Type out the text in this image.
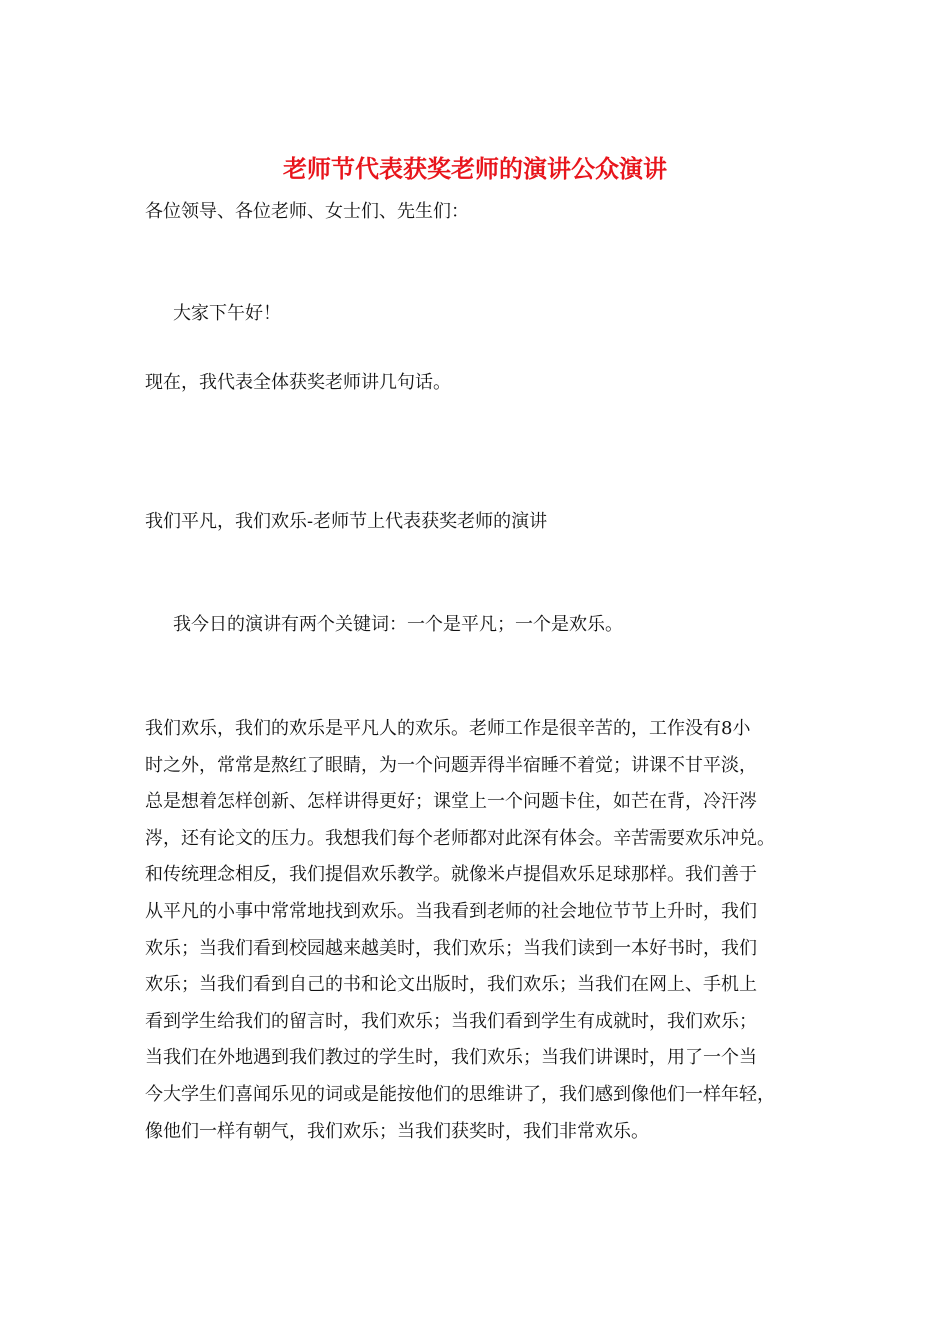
老师节代表获奖老师的演讲公众演讲

各位领导、各位老师、女士们、先生们：

大家下午好！

现在，我代表全体获奖老师讲几句话。

我们平凡，我们欢乐-老师节上代表获奖老师的演讲

我今日的演讲有两个关键词：一个是平凡；一个是欢乐。

我们欢乐，我们的欢乐是平凡人的欢乐。老师工作是很辛苦的，工作没有8小
时之外，常常是熬红了眼睛，为一个问题弄得半宿睡不着觉；讲课不甘平淡，
总是想着怎样创新、怎样讲得更好；课堂上一个问题卡住，如芒在背，冷汗涔
涔，还有论文的压力。我想我们每个老师都对此深有体会。辛苦需要欢乐冲兑。
和传统理念相反，我们提倡欢乐教学。就像米卢提倡欢乐足球那样。我们善于
从平凡的小事中常常地找到欢乐。当我看到老师的社会地位节节上升时，我们
欢乐；当我们看到校园越来越美时，我们欢乐；当我们读到一本好书时，我们
欢乐；当我们看到自己的书和论文出版时，我们欢乐；当我们在网上、手机上
看到学生给我们的留言时，我们欢乐；当我们看到学生有成就时，我们欢乐；
当我们在外地遇到我们教过的学生时，我们欢乐；当我们讲课时，用了一个当
今大学生们喜闻乐见的词或是能按他们的思维讲了，我们感到像他们一样年轻，
像他们一样有朝气，我们欢乐；当我们获奖时，我们非常欢乐。
